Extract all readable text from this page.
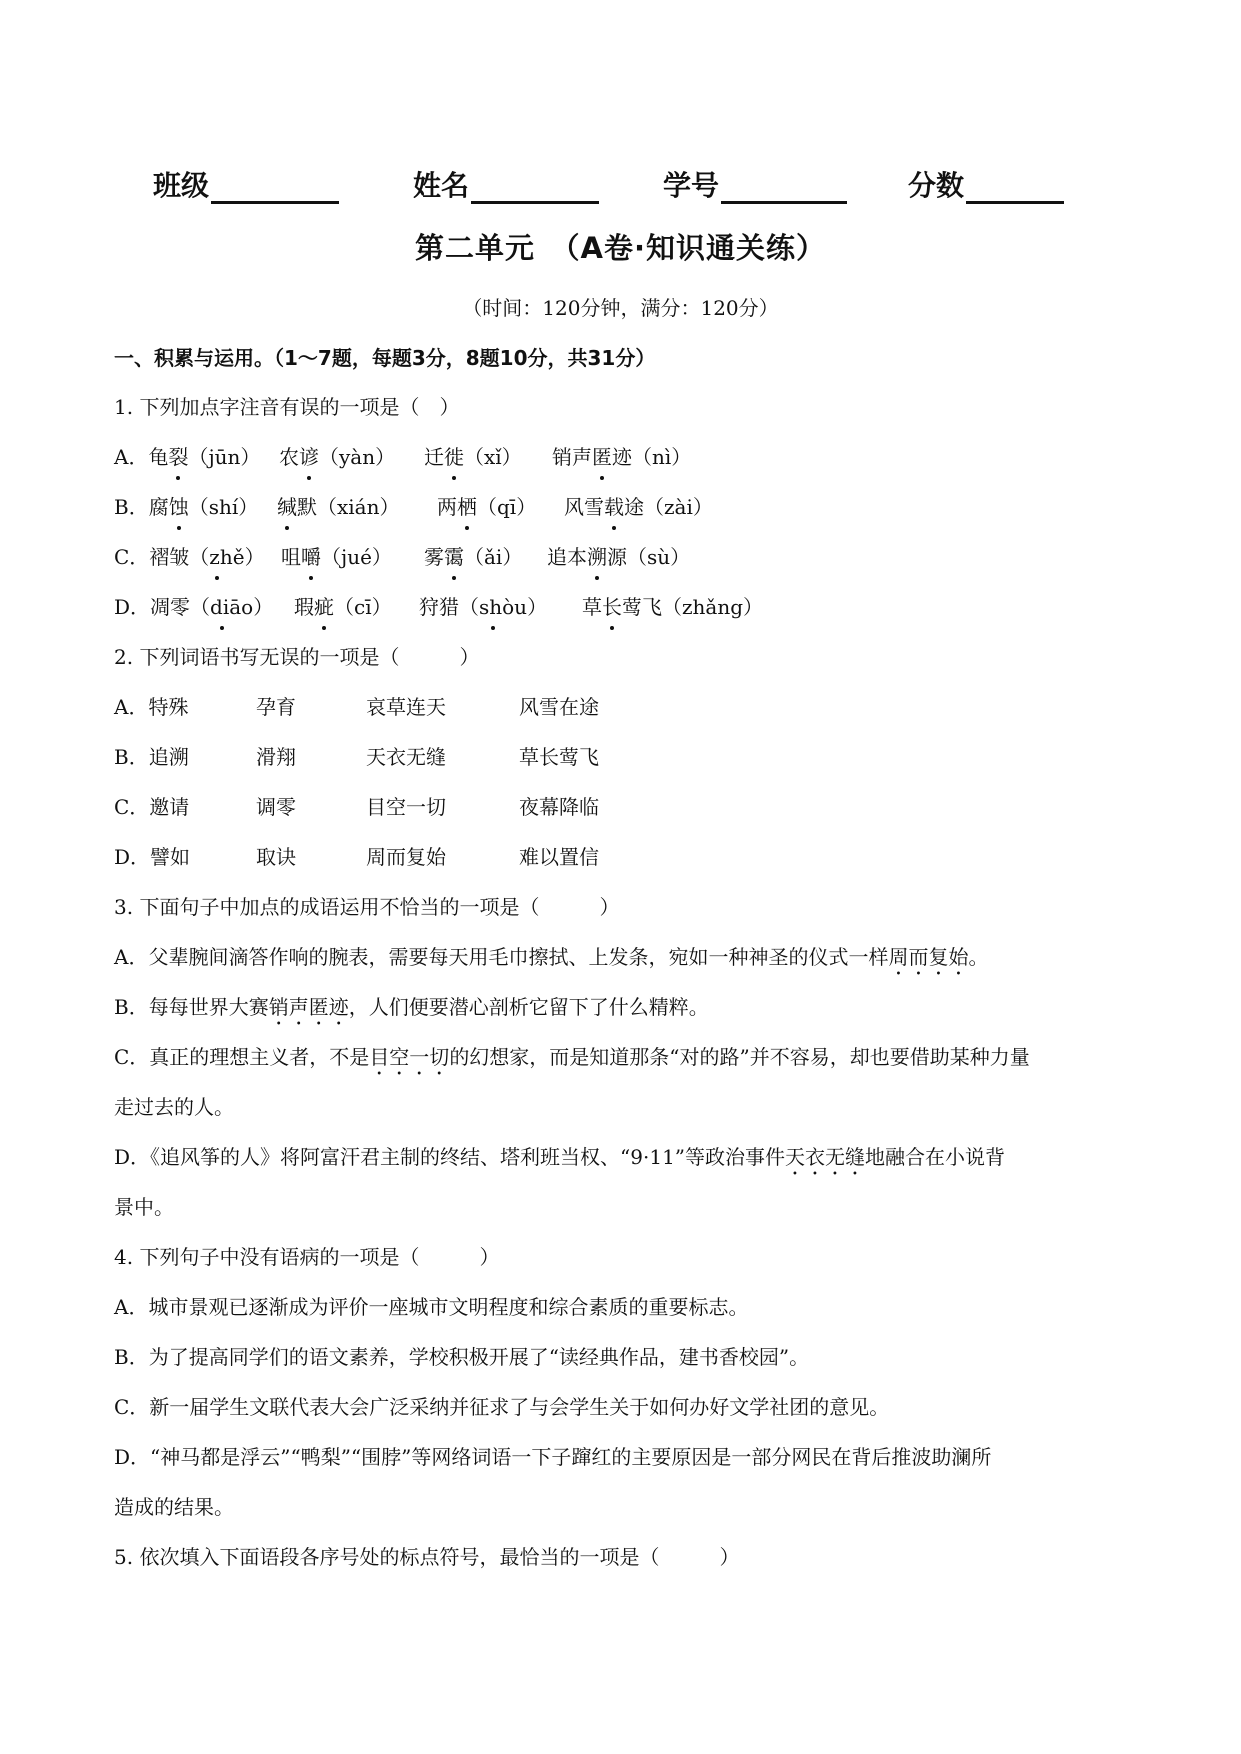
班级	姓名	学号	分数
第二单元　（A卷·知识通关练）
（时间：120分钟，满分：120分）
一、积累与运用。（1～7题，每题3分，8题10分，共31分）
1. 下列加点字注音有误的一项是（　）
A．龟裂（jūn） 农谚（yàn） 迁徙（xǐ） 销声匿迹（nì）
B．腐蚀（shí） 缄默（xián） 两栖（qī） 风雪载途（zài）
C．褶皱（zhě） 咀嚼（jué） 雾霭（ǎi） 追本溯源（sù）
D．凋零（diāo） 瑕疵（cī） 狩猎（shòu） 草长莺飞（zhǎng）
2. 下列词语书写无误的一项是（　　　）
A．特殊	孕育	哀草连天	风雪在途
B．追溯	滑翔	天衣无缝	草长莺飞
C．邀请	调零	目空一切	夜幕降临
D．譬如	取诀	周而复始	难以置信
3. 下面句子中加点的成语运用不恰当的一项是（　　　）
A．父辈腕间滴答作响的腕表，需要每天用毛巾擦拭、上发条，宛如一种神圣的仪式一样周而复始。
B．每每世界大赛销声匿迹，人们便要潜心剖析它留下了什么精粹。
C．真正的理想主义者，不是目空一切的幻想家，而是知道那条“对的路”并不容易，却也要借助某种力量
走过去的人。
D．《追风筝的人》将阿富汗君主制的终结、塔利班当权、“9·11”等政治事件天衣无缝地融合在小说背
景中。
4. 下列句子中没有语病的一项是（　　　）
A．城市景观已逐渐成为评价一座城市文明程度和综合素质的重要标志。
B．为了提高同学们的语文素养，学校积极开展了“读经典作品，建书香校园”。
C．新一届学生文联代表大会广泛采纳并征求了与会学生关于如何办好文学社团的意见。
D．“神马都是浮云”“鸭梨”“围脖”等网络词语一下子蹿红的主要原因是一部分网民在背后推波助澜所
造成的结果。
5. 依次填入下面语段各序号处的标点符号，最恰当的一项是（　　　）
